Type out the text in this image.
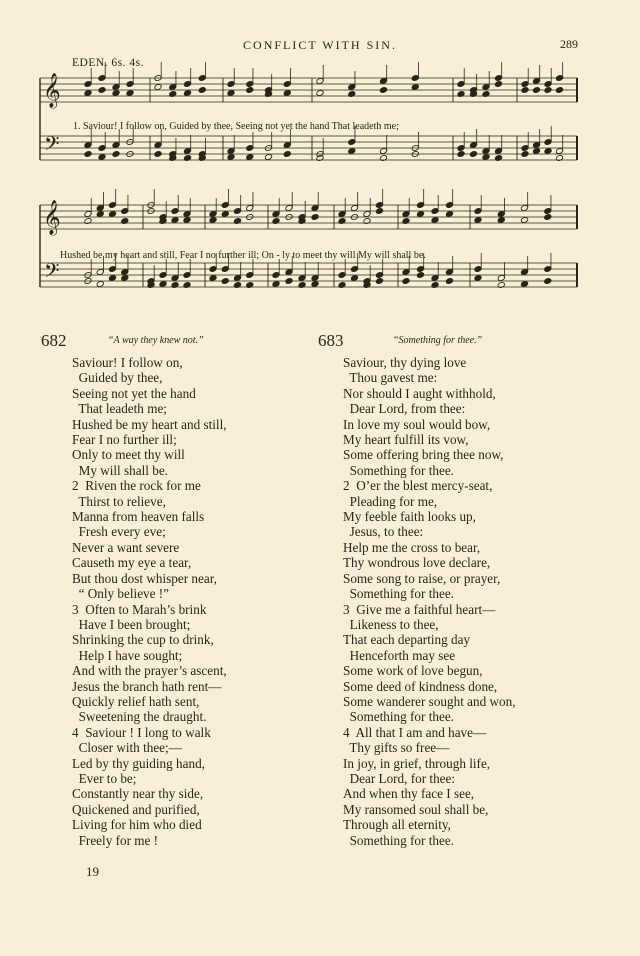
CONFLICT WITH SIN.	289
EDEN. 6s. 4s.
𝄞
𝄢
𝄞
𝄢
1. Saviour! I follow on, Guided by thee, Seeing not yet the hand That leadeth me;
Hushed be my heart and still, Fear I no further ill; On - ly to meet thy will My will shall be.
682	“A way they knew not.”
Saviour! I follow on,
Guided by thee,
Seeing not yet the hand
That leadeth me;
Hushed be my heart and still,
Fear I no further ill;
Only to meet thy will
My will shall be.
2  Riven the rock for me
Thirst to relieve,
Manna from heaven falls
Fresh every eve;
Never a want severe
Causeth my eye a tear,
But thou dost whisper near,
“ Only believe !”
3  Often to Marah’s brink
Have I been brought;
Shrinking the cup to drink,
Help I have sought;
And with the prayer’s ascent,
Jesus the branch hath rent—
Quickly relief hath sent,
Sweetening the draught.
4  Saviour ! I long to walk
Closer with thee;—
Led by thy guiding hand,
Ever to be;
Constantly near thy side,
Quickened and purified,
Living for him who died
Freely for me !
683	“Something for thee.”
Saviour, thy dying love
Thou gavest me:
Nor should I aught withhold,
Dear Lord, from thee:
In love my soul would bow,
My heart fulfill its vow,
Some offering bring thee now,
Something for thee.
2  O’er the blest mercy-seat,
Pleading for me,
My feeble faith looks up,
Jesus, to thee:
Help me the cross to bear,
Thy wondrous love declare,
Some song to raise, or prayer,
Something for thee.
3  Give me a faithful heart—
Likeness to thee,
That each departing day
Henceforth may see
Some work of love begun,
Some deed of kindness done,
Some wanderer sought and won,
Something for thee.
4  All that I am and have—
Thy gifts so free—
In joy, in grief, through life,
Dear Lord, for thee:
And when thy face I see,
My ransomed soul shall be,
Through all eternity,
Something for thee.
19
